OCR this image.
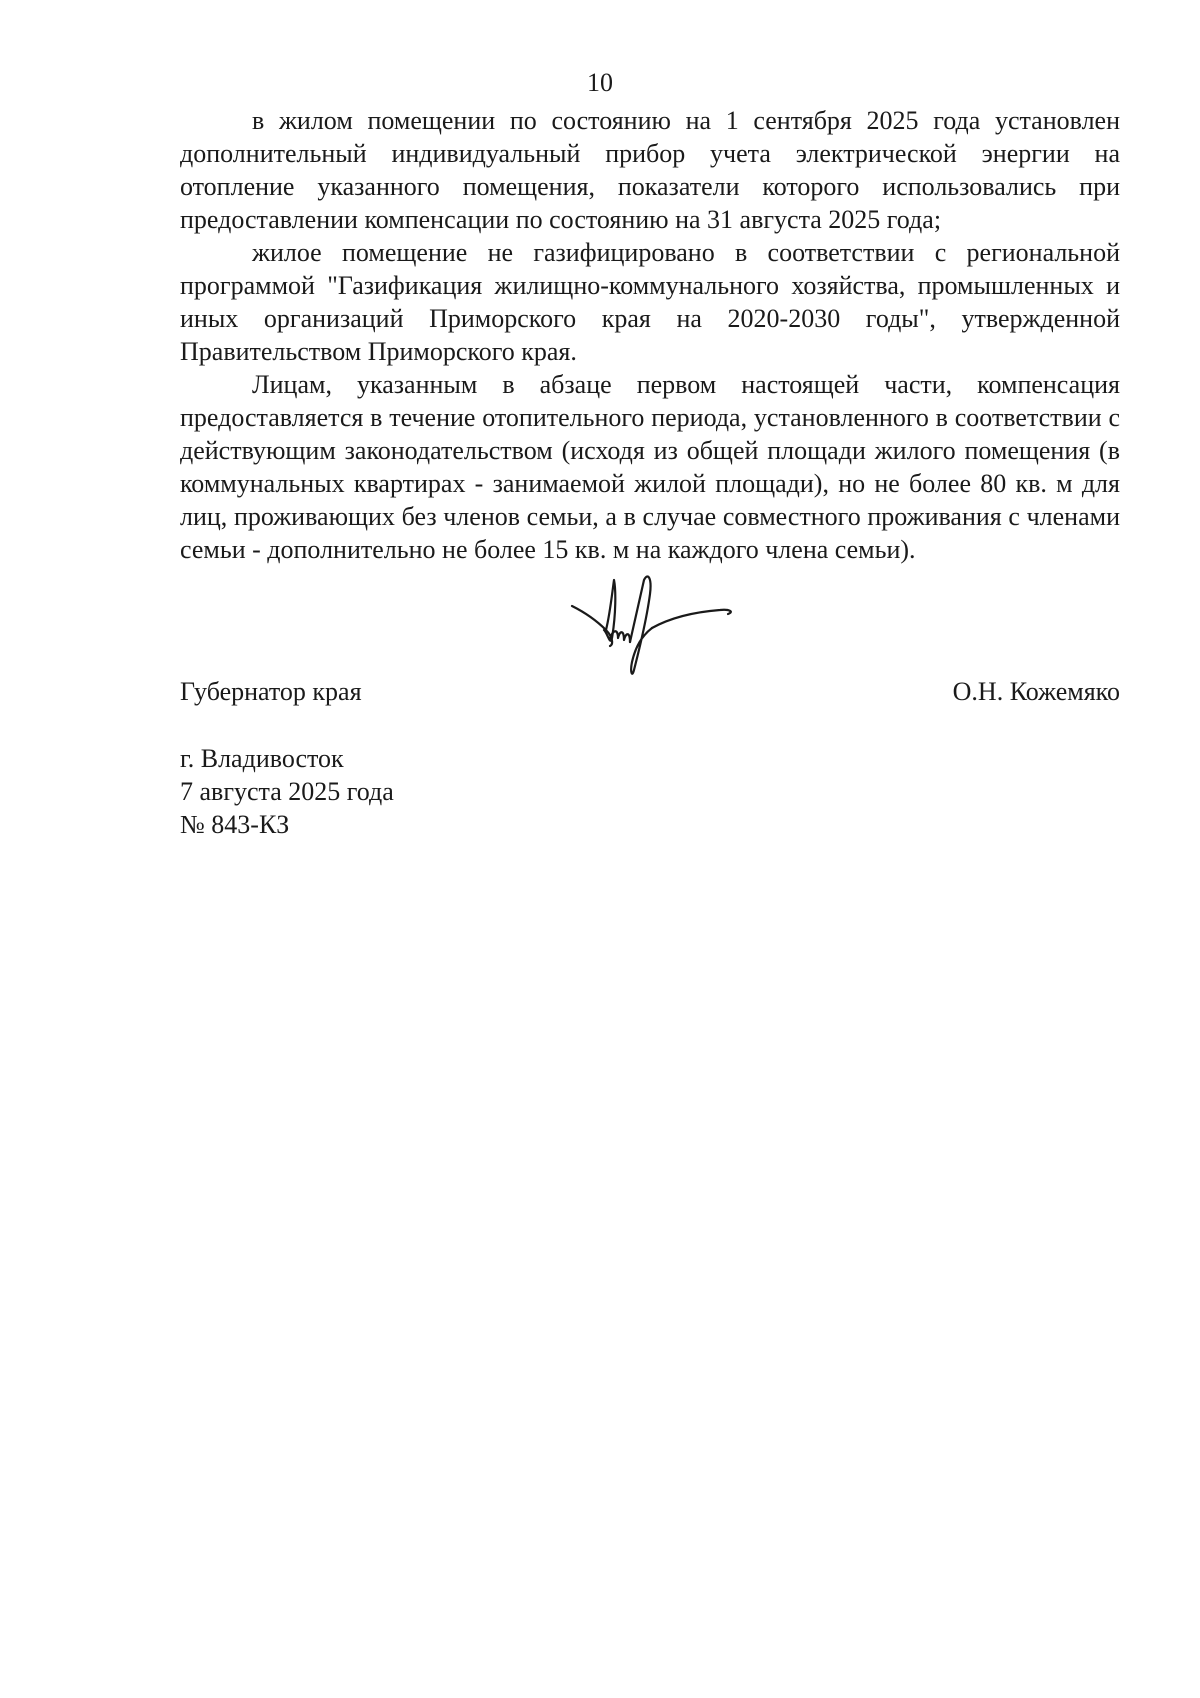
10

в жилом помещении по состоянию на 1 сентября 2025 года установлен дополнительный индивидуальный прибор учета электрической энергии на отопление указанного помещения, показатели которого использовались при предоставлении компенсации по состоянию на 31 августа 2025 года;

жилое помещение не газифицировано в соответствии с региональной программой "Газификация жилищно-коммунального хозяйства, промышленных и иных организаций Приморского края на 2020-2030 годы", утвержденной Правительством Приморского края.

Лицам, указанным в абзаце первом настоящей части, компенсация предоставляется в течение отопительного периода, установленного в соответствии с действующим законодательством (исходя из общей площади жилого помещения (в коммунальных квартирах - занимаемой жилой площади), но не более 80 кв. м для лиц, проживающих без членов семьи, а в случае совместного проживания с членами семьи - дополнительно не более 15 кв. м на каждого члена семьи).

Губернатор края	О.Н. Кожемяко
г. Владивосток
7 августа 2025 года
№ 843-КЗ
